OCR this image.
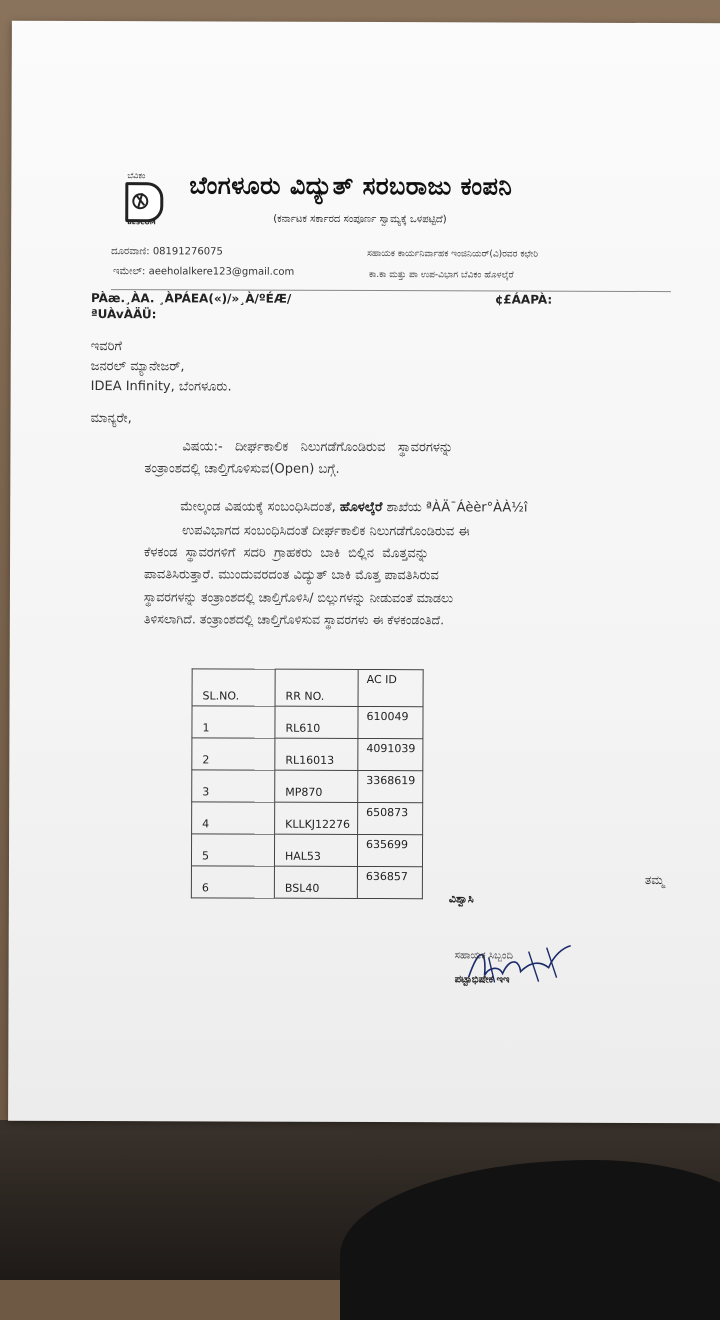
ಬೆವಿಕಂ
BESCOM
ಬೆಂಗಳೂರು ವಿದ್ಯುತ್ ಸರಬರಾಜು ಕಂಪನಿ
(ಕರ್ನಾಟಕ ಸರ್ಕಾರದ ಸಂಪೂರ್ಣ ಸ್ವಾಮ್ಯಕ್ಕೆ ಒಳಪಟ್ಟಿದೆ)
ದೂರವಾಣಿ: 08191276075
ಇಮೇಲ್: aeeholalkere123@gmail.com
ಸಹಾಯಕ ಕಾರ್ಯನಿರ್ವಾಹಕ ಇಂಜಿನಿಯರ್(ವಿ)ರವರ ಕಛೇರಿ
ಕಾ.ಕಾ ಮತ್ತು ಪಾ ಉಪ-ವಿಭಾಗ ಬೆವಿಕಂ ಹೊಳಲ್ಕೆರೆ
PÀæ.¸ÀA. ¸ÀPÁEA(«)/»¸À/ºÉÆ/
ªUÀvÀÄÜ:
¢£ÁAPÀ:
ಇವರಿಗೆ
ಜನರಲ್ ಮ್ಯಾನೇಜರ್,
IDEA Infinity, ಬೆಂಗಳೂರು.
ಮಾನ್ಯರೇ,
ವಿಷಯ:-   ದೀರ್ಘಕಾಲಿಕ   ನಿಲುಗಡೆಗೊಂಡಿರುವ   ಸ್ಥಾವರಗಳನ್ನು
ತಂತ್ರಾಂಶದಲ್ಲಿ ಚಾಲ್ತಿಗೊಳಿಸುವ(Open) ಬಗ್ಗೆ.
ಮೇಲ್ಕಂಡ ವಿಷಯಕ್ಕೆ ಸಂಬಂಧಿಸಿದಂತೆ, ಹೊಳಲ್ಕೆರೆ ಶಾಖೆಯ ªÀÄ¯Áèèr°ÀÀ½î
ಉಪವಿಭಾಗದ ಸಂಬಂಧಿಸಿದಂತೆ ದೀರ್ಘಕಾಲಿಕ ನಿಲುಗಡೆಗೊಂಡಿರುವ ಈ
ಕೆಳಕಂಡ  ಸ್ಥಾವರಗಳಿಗೆ  ಸದರಿ  ಗ್ರಾಹಕರು  ಬಾಕಿ  ಬಿಲ್ಲಿನ  ಮೊತ್ತವನ್ನು
ಪಾವತಿಸಿರುತ್ತಾರೆ. ಮುಂದುವರದಂತ ವಿದ್ಯುತ್ ಬಾಕಿ ಮೊತ್ತ ಪಾವತಿಸಿರುವ
ಸ್ಥಾವರಗಳನ್ನು ತಂತ್ರಾಂಶದಲ್ಲಿ ಚಾಲ್ತಿಗೊಳಿಸಿ/ ಬಿಲ್ಲುಗಳನ್ನು ನೀಡುವಂತೆ ಮಾಡಲು
ತಿಳಿಸಲಾಗಿದೆ. ತಂತ್ರಾಂಶದಲ್ಲಿ ಚಾಲ್ತಿಗೊಳಿಸುವ ಸ್ಥಾವರಗಳು ಈ ಕೆಳಕಂಡಂತಿದೆ.
SL.NO.	RR NO.	AC ID

1	RL610	610049

2	RL16013	4091039

3	MP870	3368619

4	KLLKJ12276	650873

5	HAL53	635699

6	BSL40	636857	ತಮ್ಮ
ವಿಶ್ವಾಸಿ
ಸಹಾಯಕ ಸಿಬ್ಬಂದಿ
ಪಟ್ಟಾಭಿಷೇಕ ಇಇ
